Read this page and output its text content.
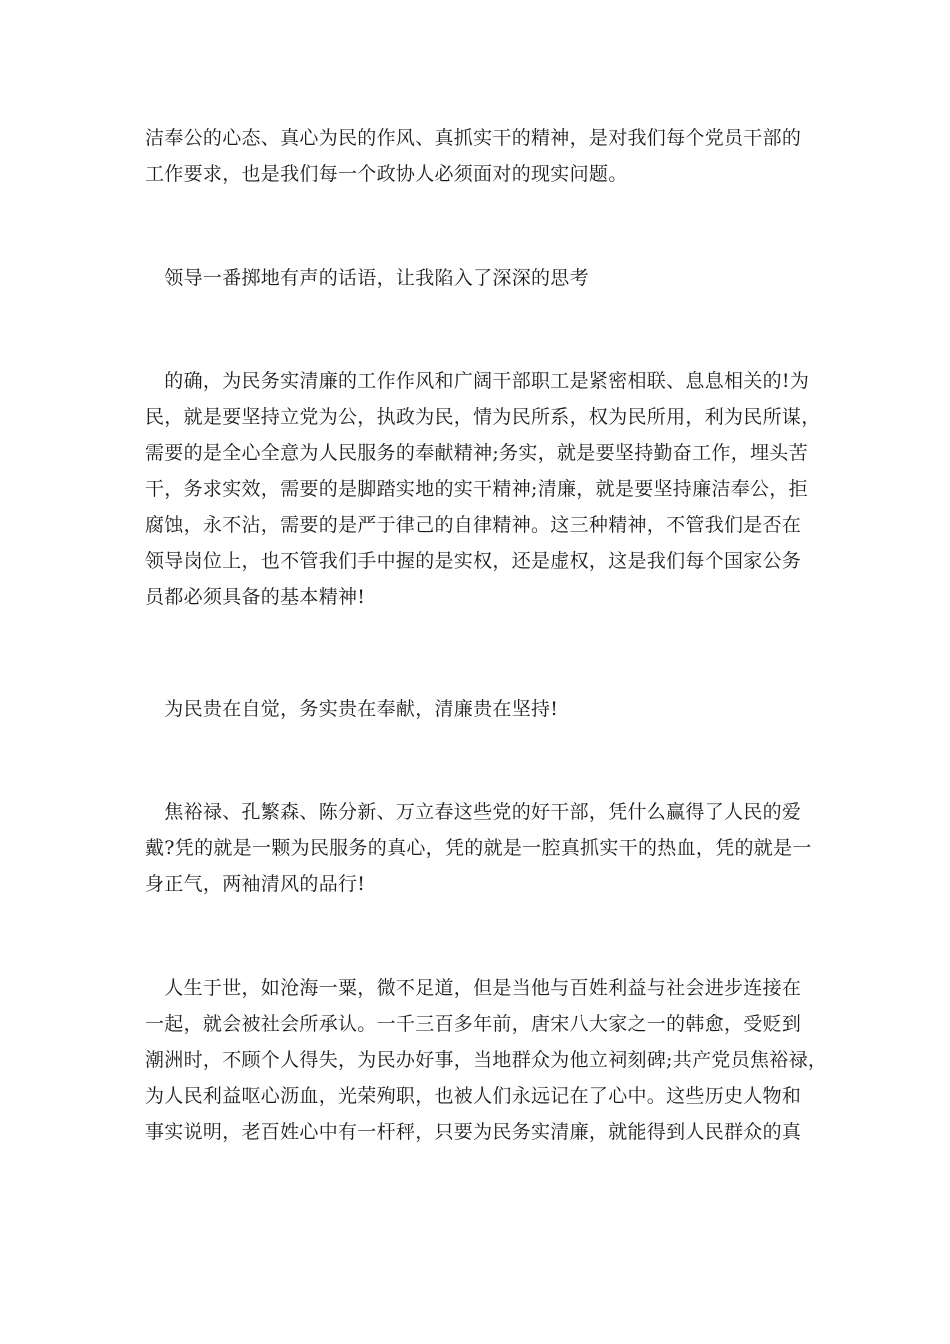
洁奉公的心态、真心为民的作风、真抓实干的精神，是对我们每个党员干部的
工作要求，也是我们每一个政协人必须面对的现实问题。

　领导一番掷地有声的话语，让我陷入了深深的思考

　的确，为民务实清廉的工作作风和广阔干部职工是紧密相联、息息相关的!为
民，就是要坚持立党为公，执政为民，情为民所系，权为民所用，利为民所谋，
需要的是全心全意为人民服务的奉献精神;务实，就是要坚持勤奋工作，埋头苦
干，务求实效，需要的是脚踏实地的实干精神;清廉，就是要坚持廉洁奉公，拒
腐蚀，永不沾，需要的是严于律己的自律精神。这三种精神，不管我们是否在
领导岗位上，也不管我们手中握的是实权，还是虚权，这是我们每个国家公务
员都必须具备的基本精神!

　为民贵在自觉，务实贵在奉献，清廉贵在坚持!

　焦裕禄、孔繁森、陈分新、万立春这些党的好干部，凭什么赢得了人民的爱
戴?凭的就是一颗为民服务的真心，凭的就是一腔真抓实干的热血，凭的就是一
身正气，两袖清风的品行!

　人生于世，如沧海一粟，微不足道，但是当他与百姓利益与社会进步连接在
一起，就会被社会所承认。一千三百多年前，唐宋八大家之一的韩愈，受贬到
潮洲时，不顾个人得失，为民办好事，当地群众为他立祠刻碑;共产党员焦裕禄，
为人民利益呕心沥血，光荣殉职，也被人们永远记在了心中。这些历史人物和
事实说明，老百姓心中有一杆秤，只要为民务实清廉，就能得到人民群众的真
